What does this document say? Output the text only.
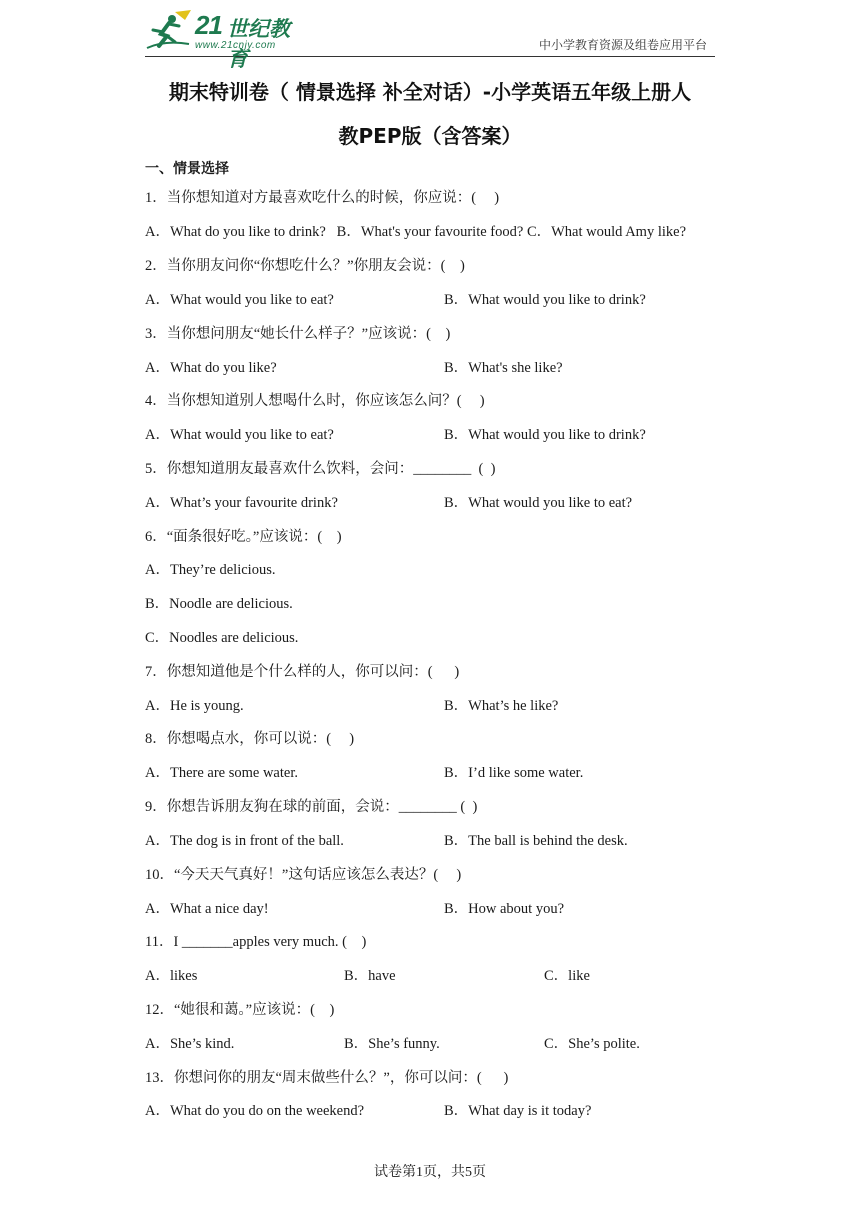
21 世纪教育
www.21cnjy.com	中小学教育资源及组卷应用平台
期末特训卷（ 情景选择 补全对话）-小学英语五年级上册人
教PEP版（含答案）
一、情景选择
1．当你想知道对方最喜欢吃什么的时候，你应说：(     )
A．What do you like to drink?   B．What's your favourite food? C．What would Amy like?
2．当你朋友问你“你想吃什么？”你朋友会说：(    )
A．What would you like to eat?	B．What would you like to drink?
3．当你想问朋友“她长什么样子？”应该说：(    )
A．What do you like?	B．What's she like?
4．当你想知道别人想喝什么时，你应该怎么问？(     )
A．What would you like to eat?	B．What would you like to drink?
5．你想知道朋友最喜欢什么饮料，会问：________  (  )
A．What’s your favourite drink?	B．What would you like to eat?
6．“面条很好吃。”应该说：(    )
A．They’re delicious.
B．Noodle are delicious.
C．Noodles are delicious.
7．你想知道他是个什么样的人，你可以问：(      )
A．He is young.	B．What’s he like?
8．你想喝点水，你可以说：(     )
A．There are some water.	B．I’d like some water.
9．你想告诉朋友狗在球的前面，会说：________ (  )
A．The dog is in front of the ball.	B．The ball is behind the desk.
10．“今天天气真好！”这句话应该怎么表达？(     )
A．What a nice day!	B．How about you?
11．I _______apples very much. (    )
A．likes	B．have	C．like
12．“她很和蔼。”应该说：(    )
A．She’s kind.	B．She’s funny.	C．She’s polite.
13．你想问你的朋友“周末做些什么？”，你可以问：(      )
A．What do you do on the weekend?	B．What day is it today?
试卷第1页，共5页
